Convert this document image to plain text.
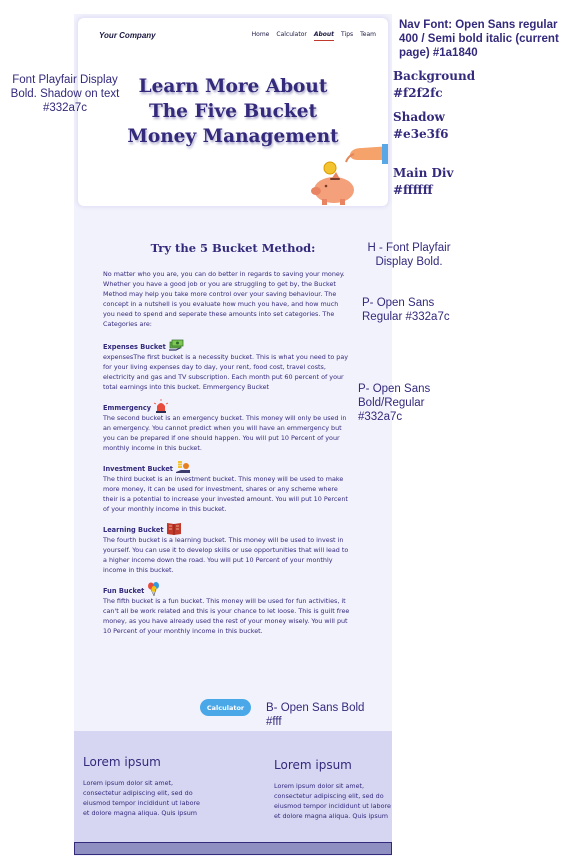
Your Company	Home Calculator About Tips Team
Learn More About The Five Bucket Money Management
Try the 5 Bucket Method:

No matter who you are, you can do better in regards to saving your money. Whether you have a good job or you are struggling to get by, the Bucket Method may help you take more control over your saving behaviour. The concept in a nutshell is you evaluate how much you have, and how much you need to spend and seperate these amounts into set categories. The Categories are:

Expenses Bucket
expensesThe first bucket is a necessity bucket. This is what you need to pay for your living expenses day to day, your rent, food cost, travel costs, electricity and gas and TV subscription. Each month put 60 percent of your total earnings into this bucket. Emmergency Bucket
Emmergency
The second bucket is an emergency bucket. This money will only be used in an emergency. You cannot predict when you will have an emmergency but you can be prepared if one should happen. You will put 10 Percent of your monthly income in this bucket.
Investment Bucket
The third bucket is an investment bucket. This money will be used to make more money, it can be used for investment, shares or any scheme where their is a potential to increase your invested amount. You will put 10 Percent of your monthly income in this bucket.
Learning Bucket
The fourth bucket is a learning bucket. This money will be used to invest in yourself. You can use it to develop skills or use opportunities that will lead to a higher income down the road. You will put 10 Percent of your monthly income in this bucket.
Fun Bucket
The fifth bucket is a fun bucket. This money will be used for fun activities, it can't all be work related and this is your chance to let loose. This is guilt free money, as you have already used the rest of your money wisely. You will put 10 Percent of your monthly income in this bucket.
Calculator
Lorem ipsum

Lorem ipsum dolor sit amet, consectetur adipiscing elit, sed do eiusmod tempor incididunt ut labore et dolore magna aliqua. Quis ipsum

Lorem ipsum

Lorem ipsum dolor sit amet, consectetur adipiscing elit, sed do eiusmod tempor incididunt ut labore et dolore magna aliqua. Quis ipsum

Nav Font: Open Sans regular 400 / Semi bold italic (current page) #1a1840
Font Playfair Display Bold. Shadow on text #332a7c
Background #f2f2fc
Shadow #e3e3f6
Main Div #ffffff
H - Font Playfair Display Bold.
P- Open Sans Regular #332a7c
P- Open Sans Bold/Regular #332a7c
B- Open Sans Bold #fff
